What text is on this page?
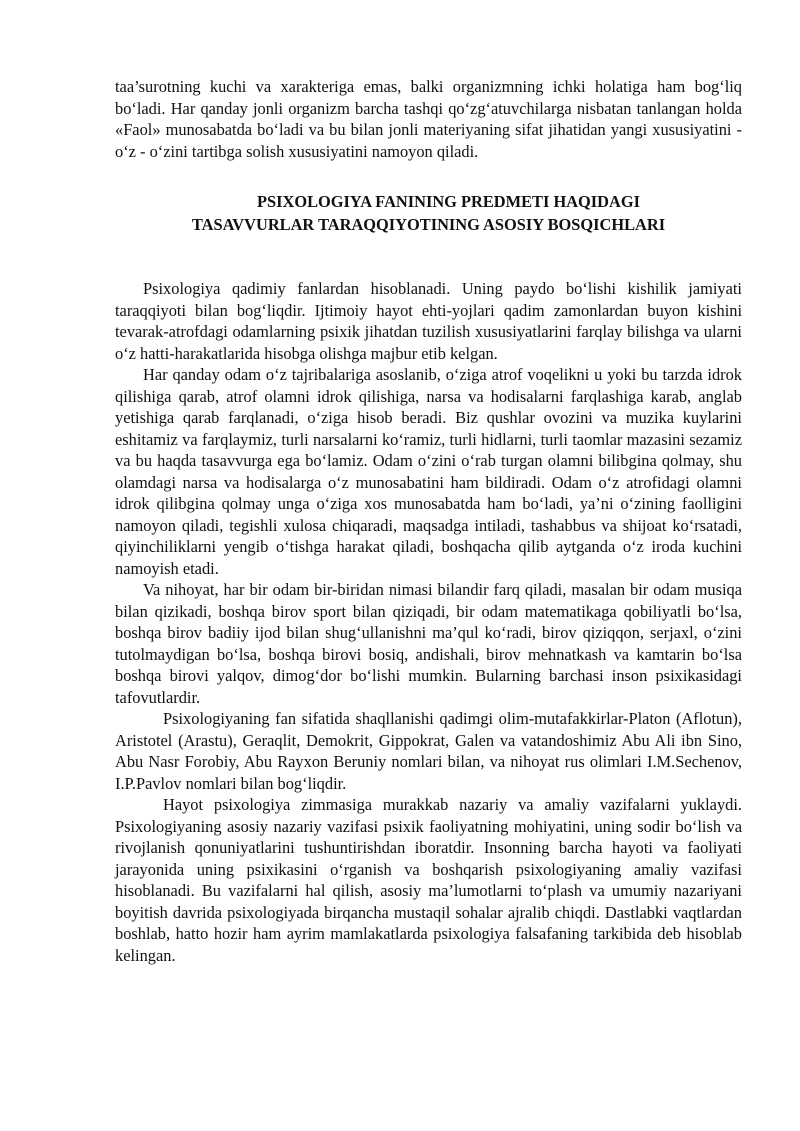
taa’surotning kuchi va xarakteriga emas, balki organizmning ichki holatiga ham bog‘liq bo‘ladi. Har qanday jonli organizm barcha tashqi qo‘zg‘atuvchilarga nisbatan tanlangan holda «Faol» munosabatda bo‘ladi va bu bilan jonli materiyaning sifat jihatidan yangi xususiyatini - o‘z - o‘zini tartibga solish xususiyatini namoyon qiladi.

PSIXOLOGIYA FANINING PREDMETI HAQIDAGI
TASAVVURLAR TARAQQIYOTINING ASOSIY BOSQICHLARI

Psixologiya qadimiy fanlardan hisoblanadi. Uning paydo bo‘lishi kishilik jamiyati taraqqiyoti bilan bog‘liqdir. Ijtimoiy hayot ehti-yojlari qadim zamonlardan buyon kishini tevarak-atrofdagi odamlarning psixik jihatdan tuzilish xususiyatlarini farqlay bilishga va ularni o‘z hatti-harakatlarida hisobga olishga majbur etib kelgan.

Har qanday odam o‘z tajribalariga asoslanib, o‘ziga atrof voqelikni u yoki bu tarzda idrok qilishiga qarab, atrof olamni idrok qilishiga, narsa va hodisalarni farqlashiga karab, anglab yetishiga qarab farqlanadi, o‘ziga hisob beradi. Biz qushlar ovozini va muzika kuylarini eshitamiz va farqlaymiz, turli narsalarni ko‘ramiz, turli hidlarni, turli taomlar mazasini sezamiz va bu haqda tasavvurga ega bo‘lamiz. Odam o‘zini o‘rab turgan olamni bilibgina qolmay, shu olamdagi narsa va hodisalarga o‘z munosabatini ham bildiradi. Odam o‘z atrofidagi olamni idrok qilibgina qolmay unga o‘ziga xos munosabatda ham bo‘ladi, ya’ni o‘zining faolligini namoyon qiladi, tegishli xulosa chiqaradi, maqsadga intiladi, tashabbus va shijoat ko‘rsatadi, qiyinchiliklarni yengib o‘tishga harakat qiladi, boshqacha qilib aytganda o‘z iroda kuchini namoyish etadi.

Va nihoyat, har bir odam bir-biridan nimasi bilandir farq qiladi, masalan bir odam musiqa bilan qizikadi, boshqa birov sport bilan qiziqadi, bir odam matematikaga qobiliyatli bo‘lsa, boshqa birov badiiy ijod bilan shug‘ullanishni ma’qul ko‘radi, birov qiziqqon, serjaxl, o‘zini tutolmaydigan bo‘lsa, boshqa birovi bosiq, andishali, birov mehnatkash va kamtarin bo‘lsa boshqa birovi yalqov, dimog‘dor bo‘lishi mumkin. Bularning barchasi inson psixikasidagi tafovutlardir.

Psixologiyaning fan sifatida shaqllanishi qadimgi olim-mutafakkirlar-Platon (Aflotun), Aristotel (Arastu), Geraqlit, Demokrit, Gippokrat, Galen va vatandoshimiz Abu Ali ibn Sino, Abu Nasr Forobiy, Abu Rayxon Beruniy nomlari bilan, va nihoyat rus olimlari I.M.Sechenov, I.P.Pavlov nomlari bilan bog‘liqdir.

Hayot psixologiya zimmasiga murakkab nazariy va amaliy vazifalarni yuklaydi. Psixologiyaning asosiy nazariy vazifasi psixik faoliyatning mohiyatini, uning sodir bo‘lish va rivojlanish qonuniyatlarini tushuntirishdan iboratdir. Insonning barcha hayoti va faoliyati jarayonida uning psixikasini o‘rganish va boshqarish psixologiyaning amaliy vazifasi hisoblanadi. Bu vazifalarni hal qilish, asosiy ma’lumotlarni to‘plash va umumiy nazariyani boyitish davrida psixologiyada birqancha mustaqil sohalar ajralib chiqdi. Dastlabki vaqtlardan boshlab, hatto hozir ham ayrim mamlakatlarda psixologiya falsafaning tarkibida deb hisoblab kelingan.
